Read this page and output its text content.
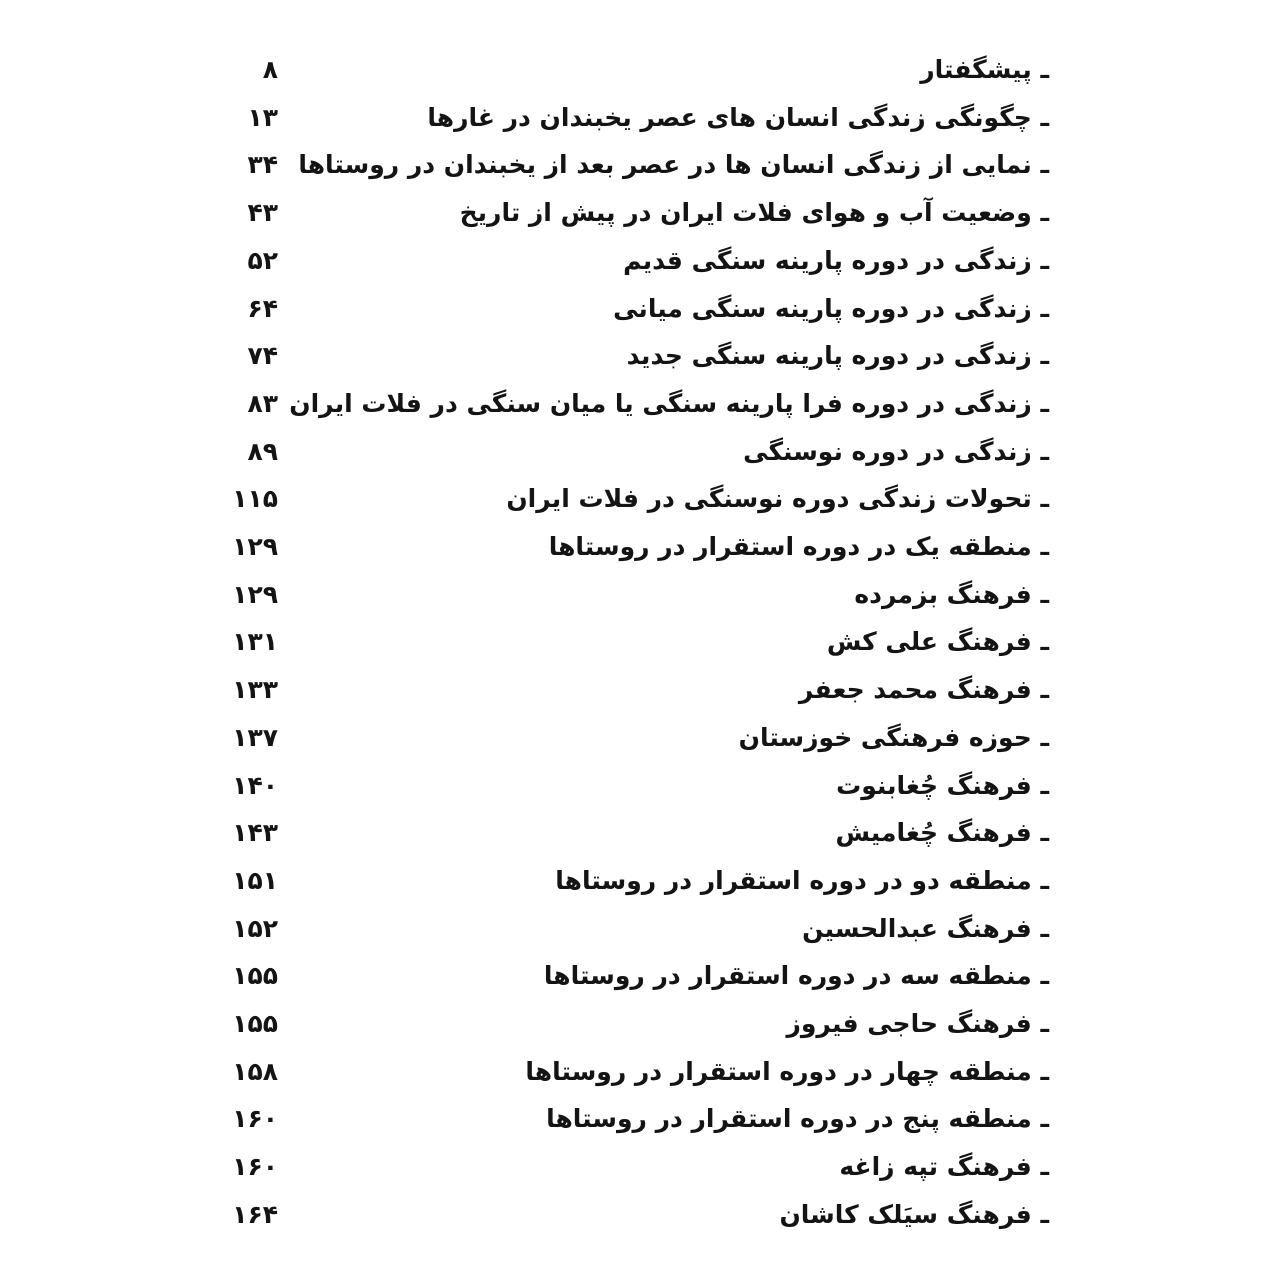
ـ پیشگفتار
۸
ـ چگونگی زندگی انسان های عصر یخبندان در غارها
۱۳
ـ نمایی از زندگی انسان ها در عصر بعد از یخبندان در روستاها
۳۴
ـ وضعیت آب و هوای فلات ایران در پیش از تاریخ
۴۳
ـ زندگی در دوره پارینه سنگی قدیم
۵۲
ـ زندگی در دوره پارینه سنگی میانی
۶۴
ـ زندگی در دوره پارینه سنگی جدید
۷۴
ـ زندگی در دوره فرا پارینه سنگی یا میان سنگی در فلات ایران
۸۳
ـ زندگی در دوره نوسنگی
۸۹
ـ تحولات زندگی دوره نوسنگی در فلات ایران
۱۱۵
ـ منطقه یک در دوره استقرار در روستاها
۱۲۹
ـ فرهنگ بزمرده
۱۲۹
ـ فرهنگ علی کش
۱۳۱
ـ فرهنگ محمد جعفر
۱۳۳
ـ حوزه فرهنگی خوزستان
۱۳۷
ـ فرهنگ چُغابنوت
۱۴۰
ـ فرهنگ چُغامیش
۱۴۳
ـ منطقه دو در دوره استقرار در روستاها
۱۵۱
ـ فرهنگ عبدالحسین
۱۵۲
ـ منطقه سه در دوره استقرار در روستاها
۱۵۵
ـ فرهنگ حاجی فیروز
۱۵۵
ـ منطقه چهار در دوره استقرار در روستاها
۱۵۸
ـ منطقه پنج در دوره استقرار در روستاها
۱۶۰
ـ فرهنگ تپه زاغه
۱۶۰
ـ فرهنگ سیَلک کاشان
۱۶۴
